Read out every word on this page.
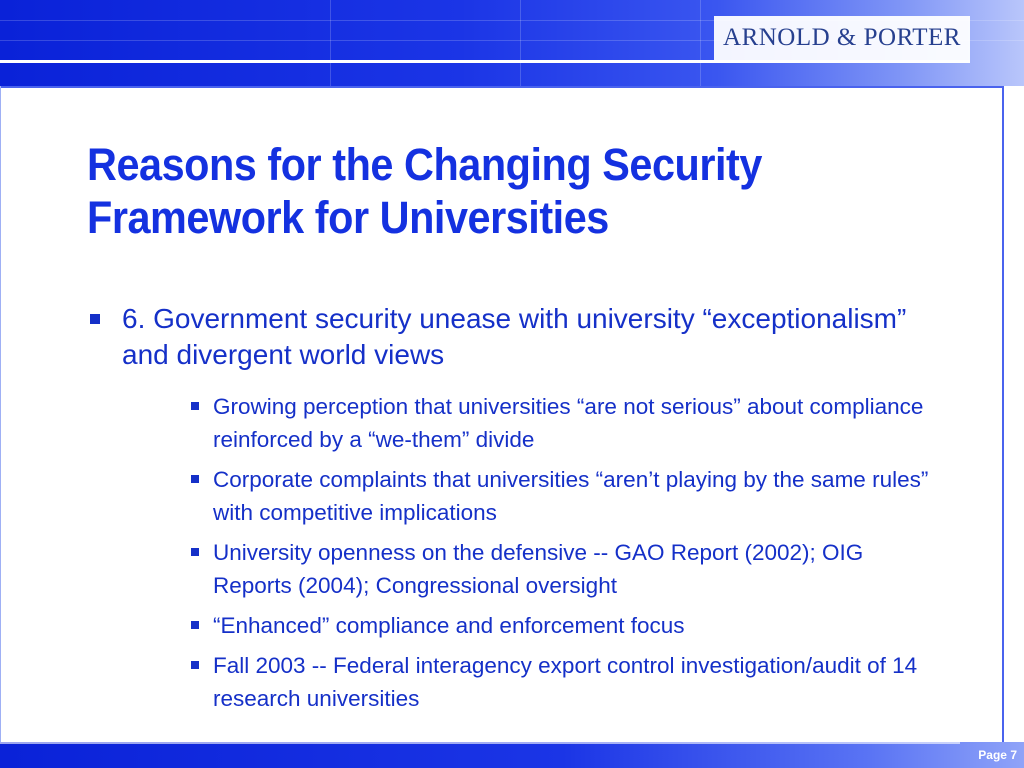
ARNOLD & PORTER
Reasons for the Changing Security Framework for Universities
6. Government security unease with university “exceptionalism” and divergent world views
Growing perception that universities “are not serious” about compliance reinforced by a “we-them” divide
Corporate complaints that universities “aren’t playing by the same rules” with competitive implications
University openness on the defensive -- GAO Report (2002); OIG Reports (2004); Congressional oversight
“Enhanced” compliance and enforcement focus
Fall 2003 -- Federal interagency export control investigation/audit of 14 research universities
Page 7
